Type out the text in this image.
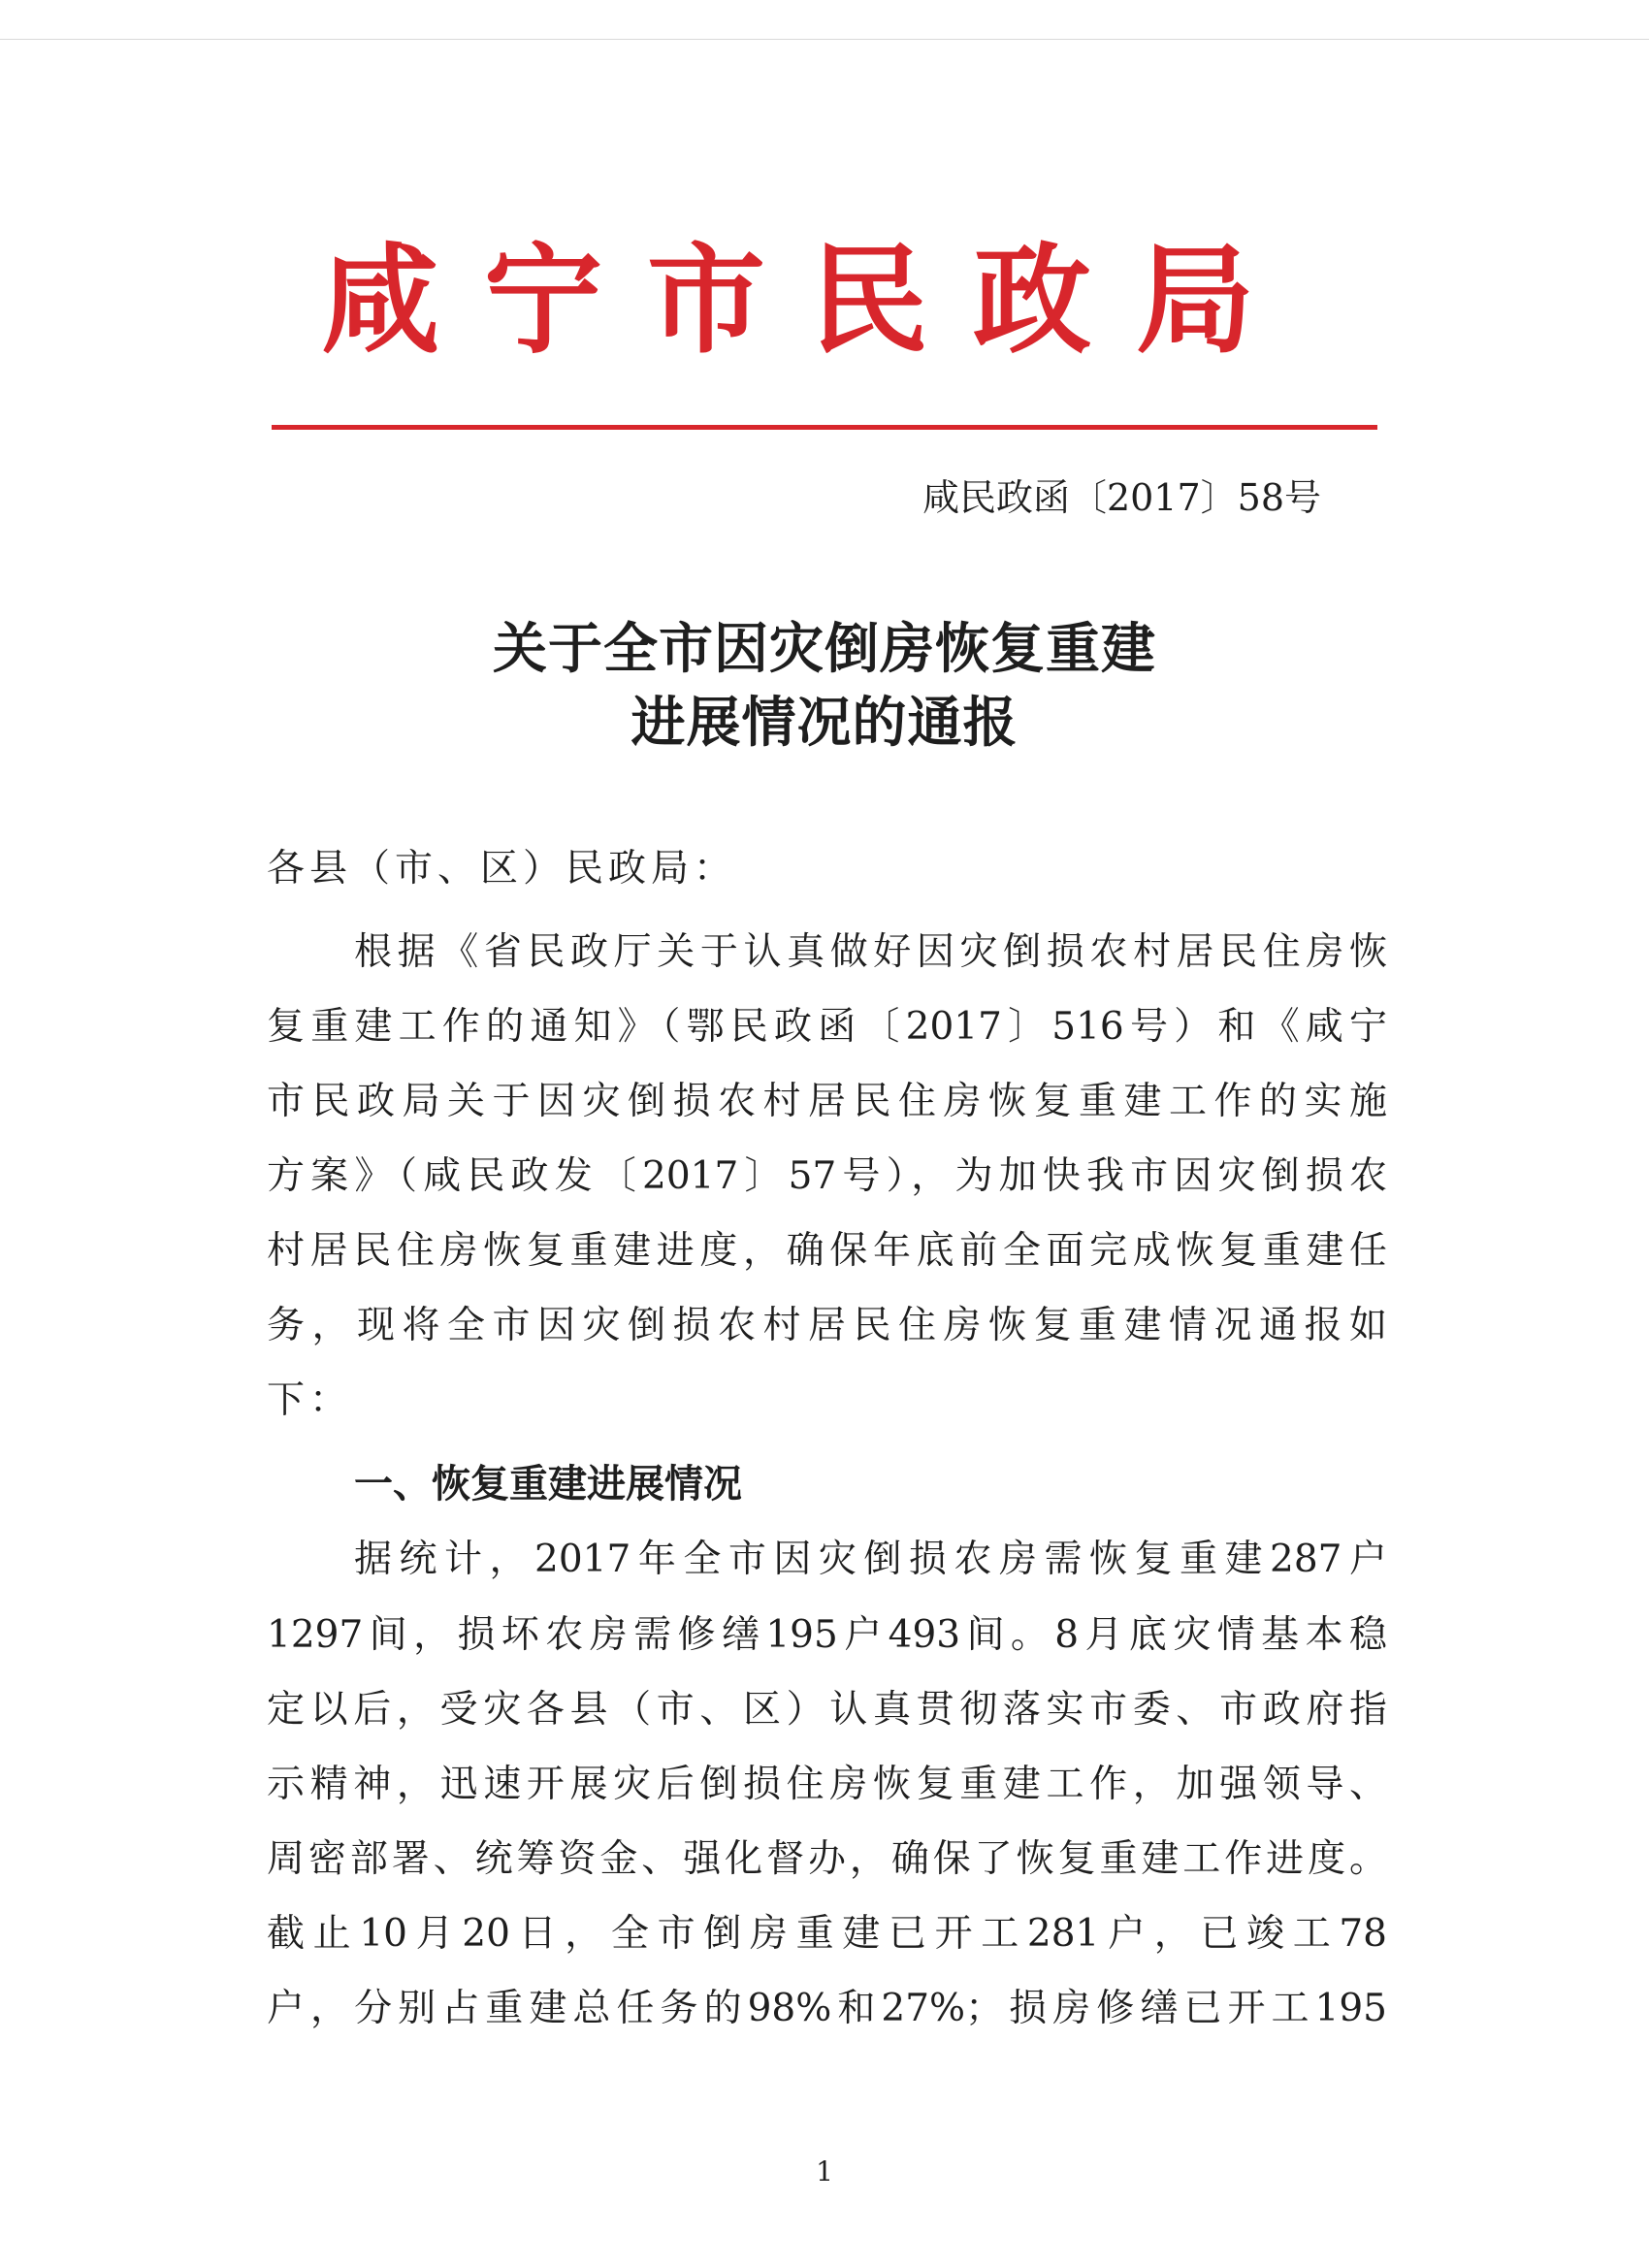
咸宁市民政局
咸民政函〔2017〕58号
关于全市因灾倒房恢复重建
进展情况的通报
各县（市、区）民政局：
根据《省民政厅关于认真做好因灾倒损农村居民住房恢
复重建工作的通知》（鄂民政函〔2017〕516号）和《咸宁
市民政局关于因灾倒损农村居民住房恢复重建工作的实施
方案》（咸民政发〔2017〕57号），为加快我市因灾倒损农
村居民住房恢复重建进度，确保年底前全面完成恢复重建任
务，现将全市因灾倒损农村居民住房恢复重建情况通报如
下：
一、恢复重建进展情况
据统计，2017年全市因灾倒损农房需恢复重建287户
1297间，损坏农房需修缮195户493间。8月底灾情基本稳
定以后，受灾各县（市、区）认真贯彻落实市委、市政府指
示精神，迅速开展灾后倒损住房恢复重建工作，加强领导、
周密部署、统筹资金、强化督办，确保了恢复重建工作进度。
截止10月20日，全市倒房重建已开工281户，已竣工78
户，分别占重建总任务的98%和27%；损房修缮已开工195
1
